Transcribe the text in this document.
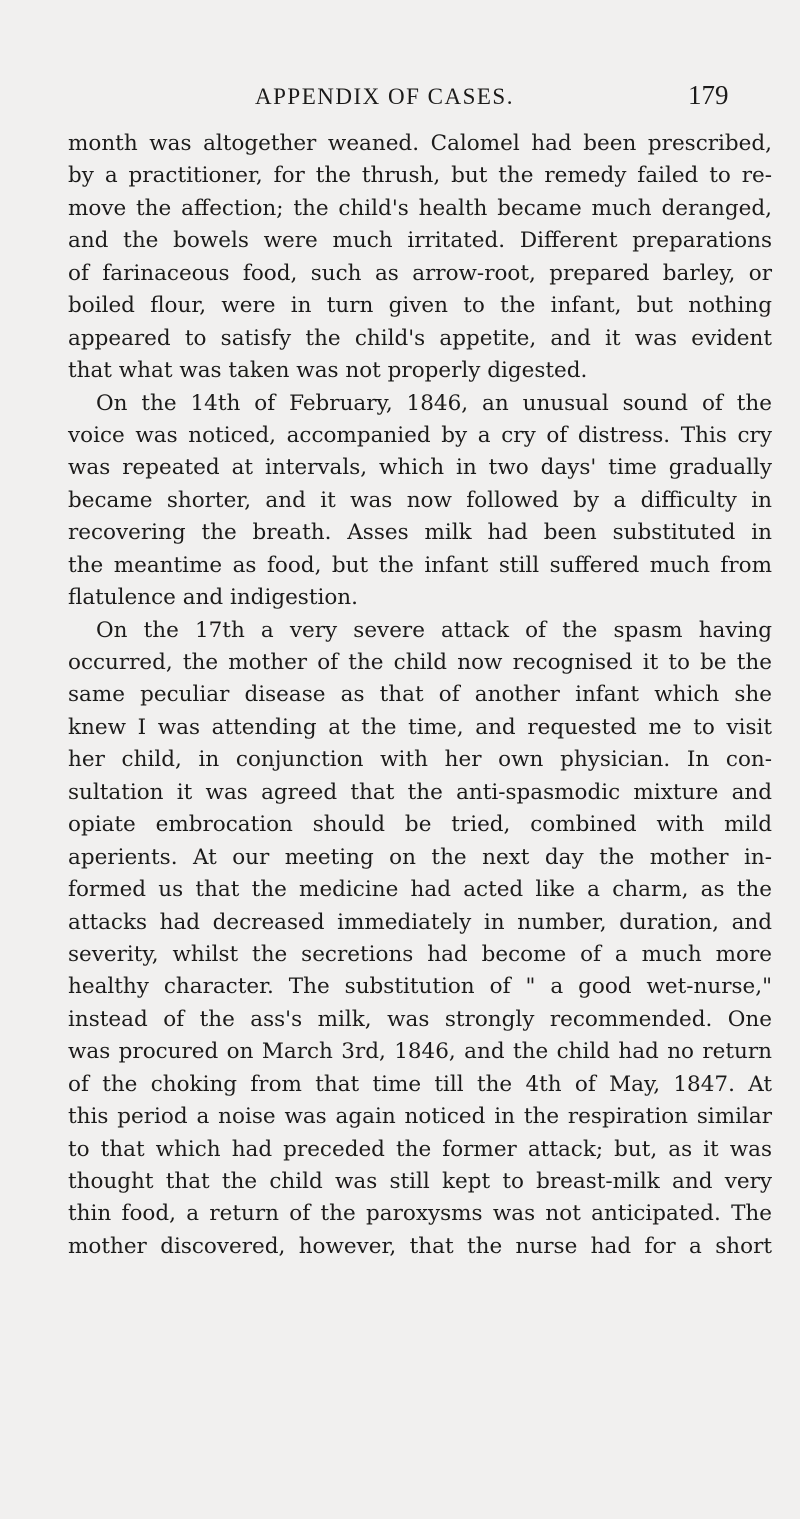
APPENDIX OF CASES.	179
month was altogether weaned. Calomel had been prescribed,
by a practitioner, for the thrush, but the remedy failed to re-
move the affection; the child's health became much deranged,
and the bowels were much irritated. Different preparations
of farinaceous food, such as arrow-root, prepared barley, or
boiled flour, were in turn given to the infant, but nothing
appeared to satisfy the child's appetite, and it was evident
that what was taken was not properly digested.
On the 14th of February, 1846, an unusual sound of the
voice was noticed, accompanied by a cry of distress. This cry
was repeated at intervals, which in two days' time gradually
became shorter, and it was now followed by a difficulty in
recovering the breath. Asses milk had been substituted in
the meantime as food, but the infant still suffered much from
flatulence and indigestion.
On the 17th a very severe attack of the spasm having
occurred, the mother of the child now recognised it to be the
same peculiar disease as that of another infant which she
knew I was attending at the time, and requested me to visit
her child, in conjunction with her own physician. In con-
sultation it was agreed that the anti-spasmodic mixture and
opiate embrocation should be tried, combined with mild
aperients. At our meeting on the next day the mother in-
formed us that the medicine had acted like a charm, as the
attacks had decreased immediately in number, duration, and
severity, whilst the secretions had become of a much more
healthy character. The substitution of " a good wet-nurse,"
instead of the ass's milk, was strongly recommended. One
was procured on March 3rd, 1846, and the child had no return
of the choking from that time till the 4th of May, 1847. At
this period a noise was again noticed in the respiration similar
to that which had preceded the former attack; but, as it was
thought that the child was still kept to breast-milk and very
thin food, a return of the paroxysms was not anticipated. The
mother discovered, however, that the nurse had for a short
